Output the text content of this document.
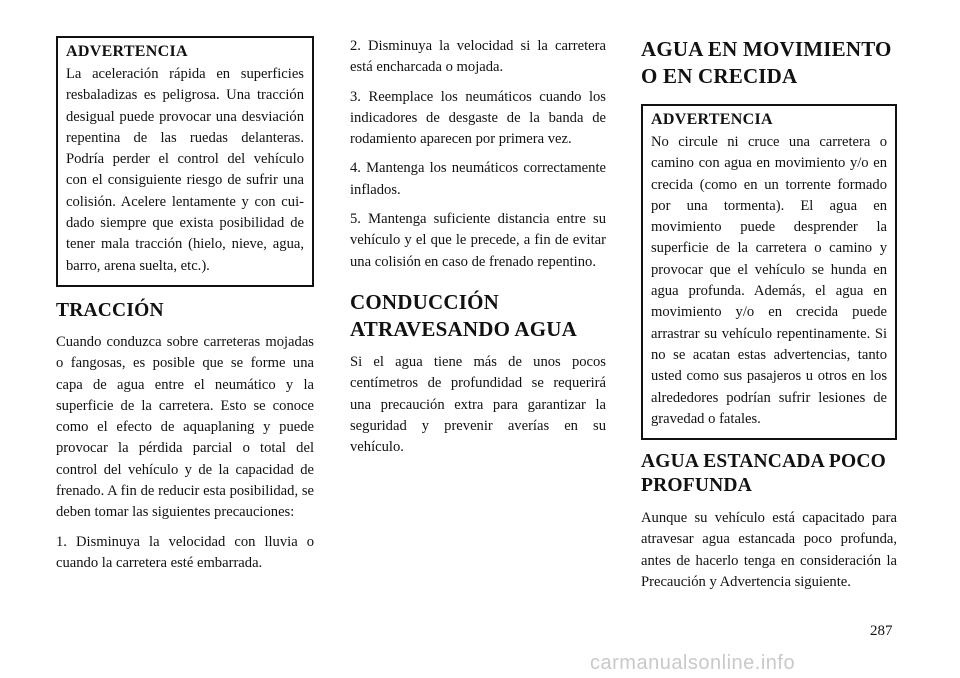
ADVERTENCIA

La aceleración rápida en superficies resbaladizas es peligrosa. Una tracción desigual puede provocar una desviación repentina de las ruedas delanteras. Podría perder el control del vehículo con el consiguiente riesgo de sufrir una colisión. Acelere lentamente y con cuidado siempre que exista posibilidad de tener mala tracción (hielo, nieve, agua, barro, arena suelta, etc.).

TRACCIÓN

Cuando conduzca sobre carreteras mojadas o fangosas, es posible que se forme una capa de agua entre el neumático y la superficie de la carretera. Esto se conoce como el efecto de aquaplaning y puede provocar la pérdida parcial o total del control del vehículo y de la capacidad de frenado. A fin de reducir esta posibilidad, se deben tomar las siguientes precauciones:

1. Disminuya la velocidad con lluvia o cuando la carretera esté embarrada.

2. Disminuya la velocidad si la carretera está encharcada o mojada.

3. Reemplace los neumáticos cuando los indicadores de desgaste de la banda de rodamiento aparecen por primera vez.

4. Mantenga los neumáticos correctamente inflados.

5. Mantenga suficiente distancia entre su vehículo y el que le precede, a fin de evitar una colisión en caso de frenado repentino.

CONDUCCIÓN ATRAVESANDO AGUA

Si el agua tiene más de unos pocos centímetros de profundidad se requerirá una precaución extra para garantizar la seguridad y prevenir averías en su vehículo.

AGUA EN MOVIMIENTO O EN CRECIDA
ADVERTENCIA

No circule ni cruce una carretera o camino con agua en movimiento y/o en crecida (como en un torrente formado por una tormenta). El agua en movimiento puede desprender la superficie de la carretera o camino y provocar que el vehículo se hunda en agua profunda. Además, el agua en movimiento y/o en crecida puede arrastrar su vehículo repentinamente. Si no se acatan estas advertencias, tanto usted como sus pasajeros u otros en los alrededores podrían sufrir lesiones de gravedad o fatales.

AGUA ESTANCADA POCO PROFUNDA

Aunque su vehículo está capacitado para atravesar agua estancada poco profunda, antes de hacerlo tenga en consideración la Precaución y Advertencia siguiente.

287
carmanualsonline.info
